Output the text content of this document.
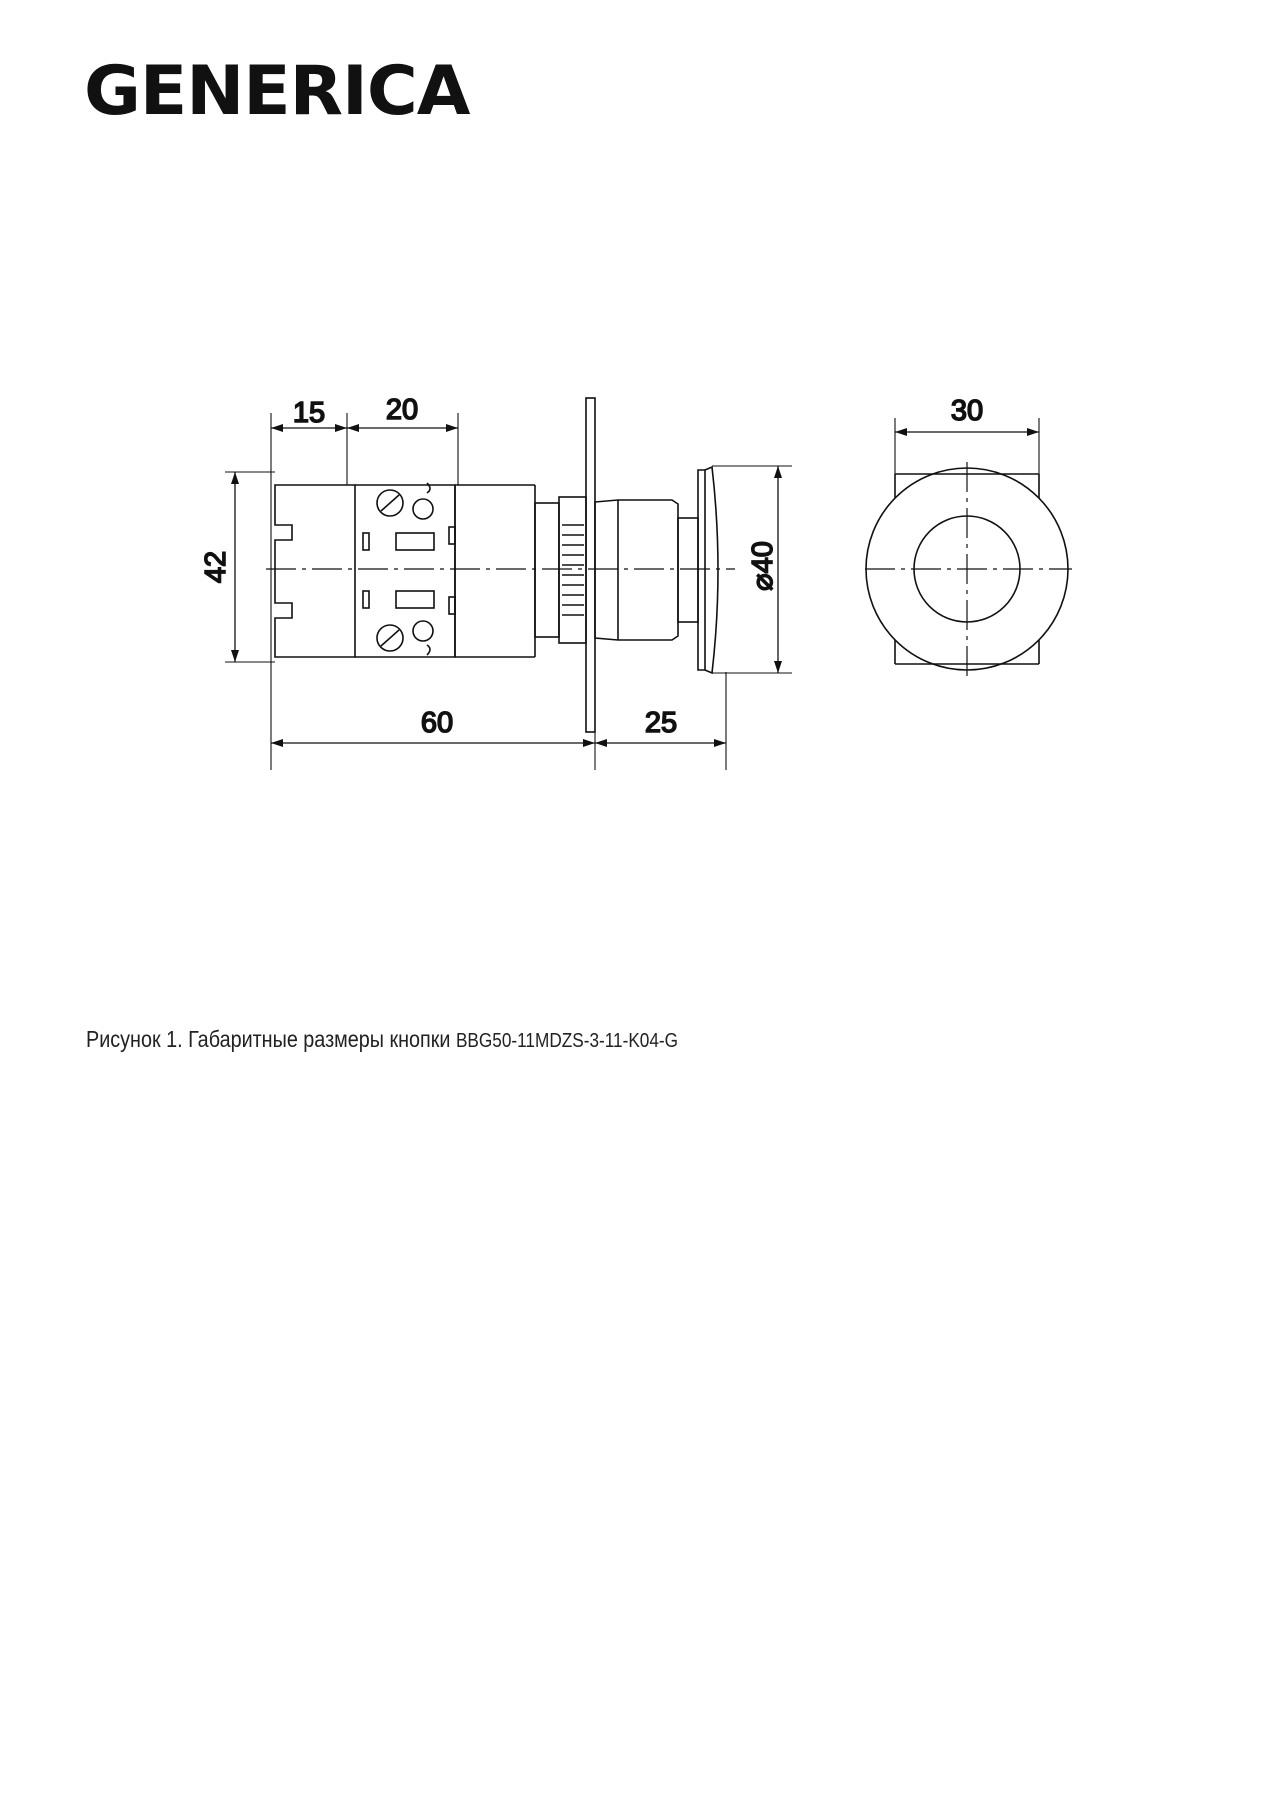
GENERICA
15 20
42
60	25
⌀40
30
Рисунок 1. Габаритные размеры кнопки BBG50-11MDZS-3-11-K04-G
